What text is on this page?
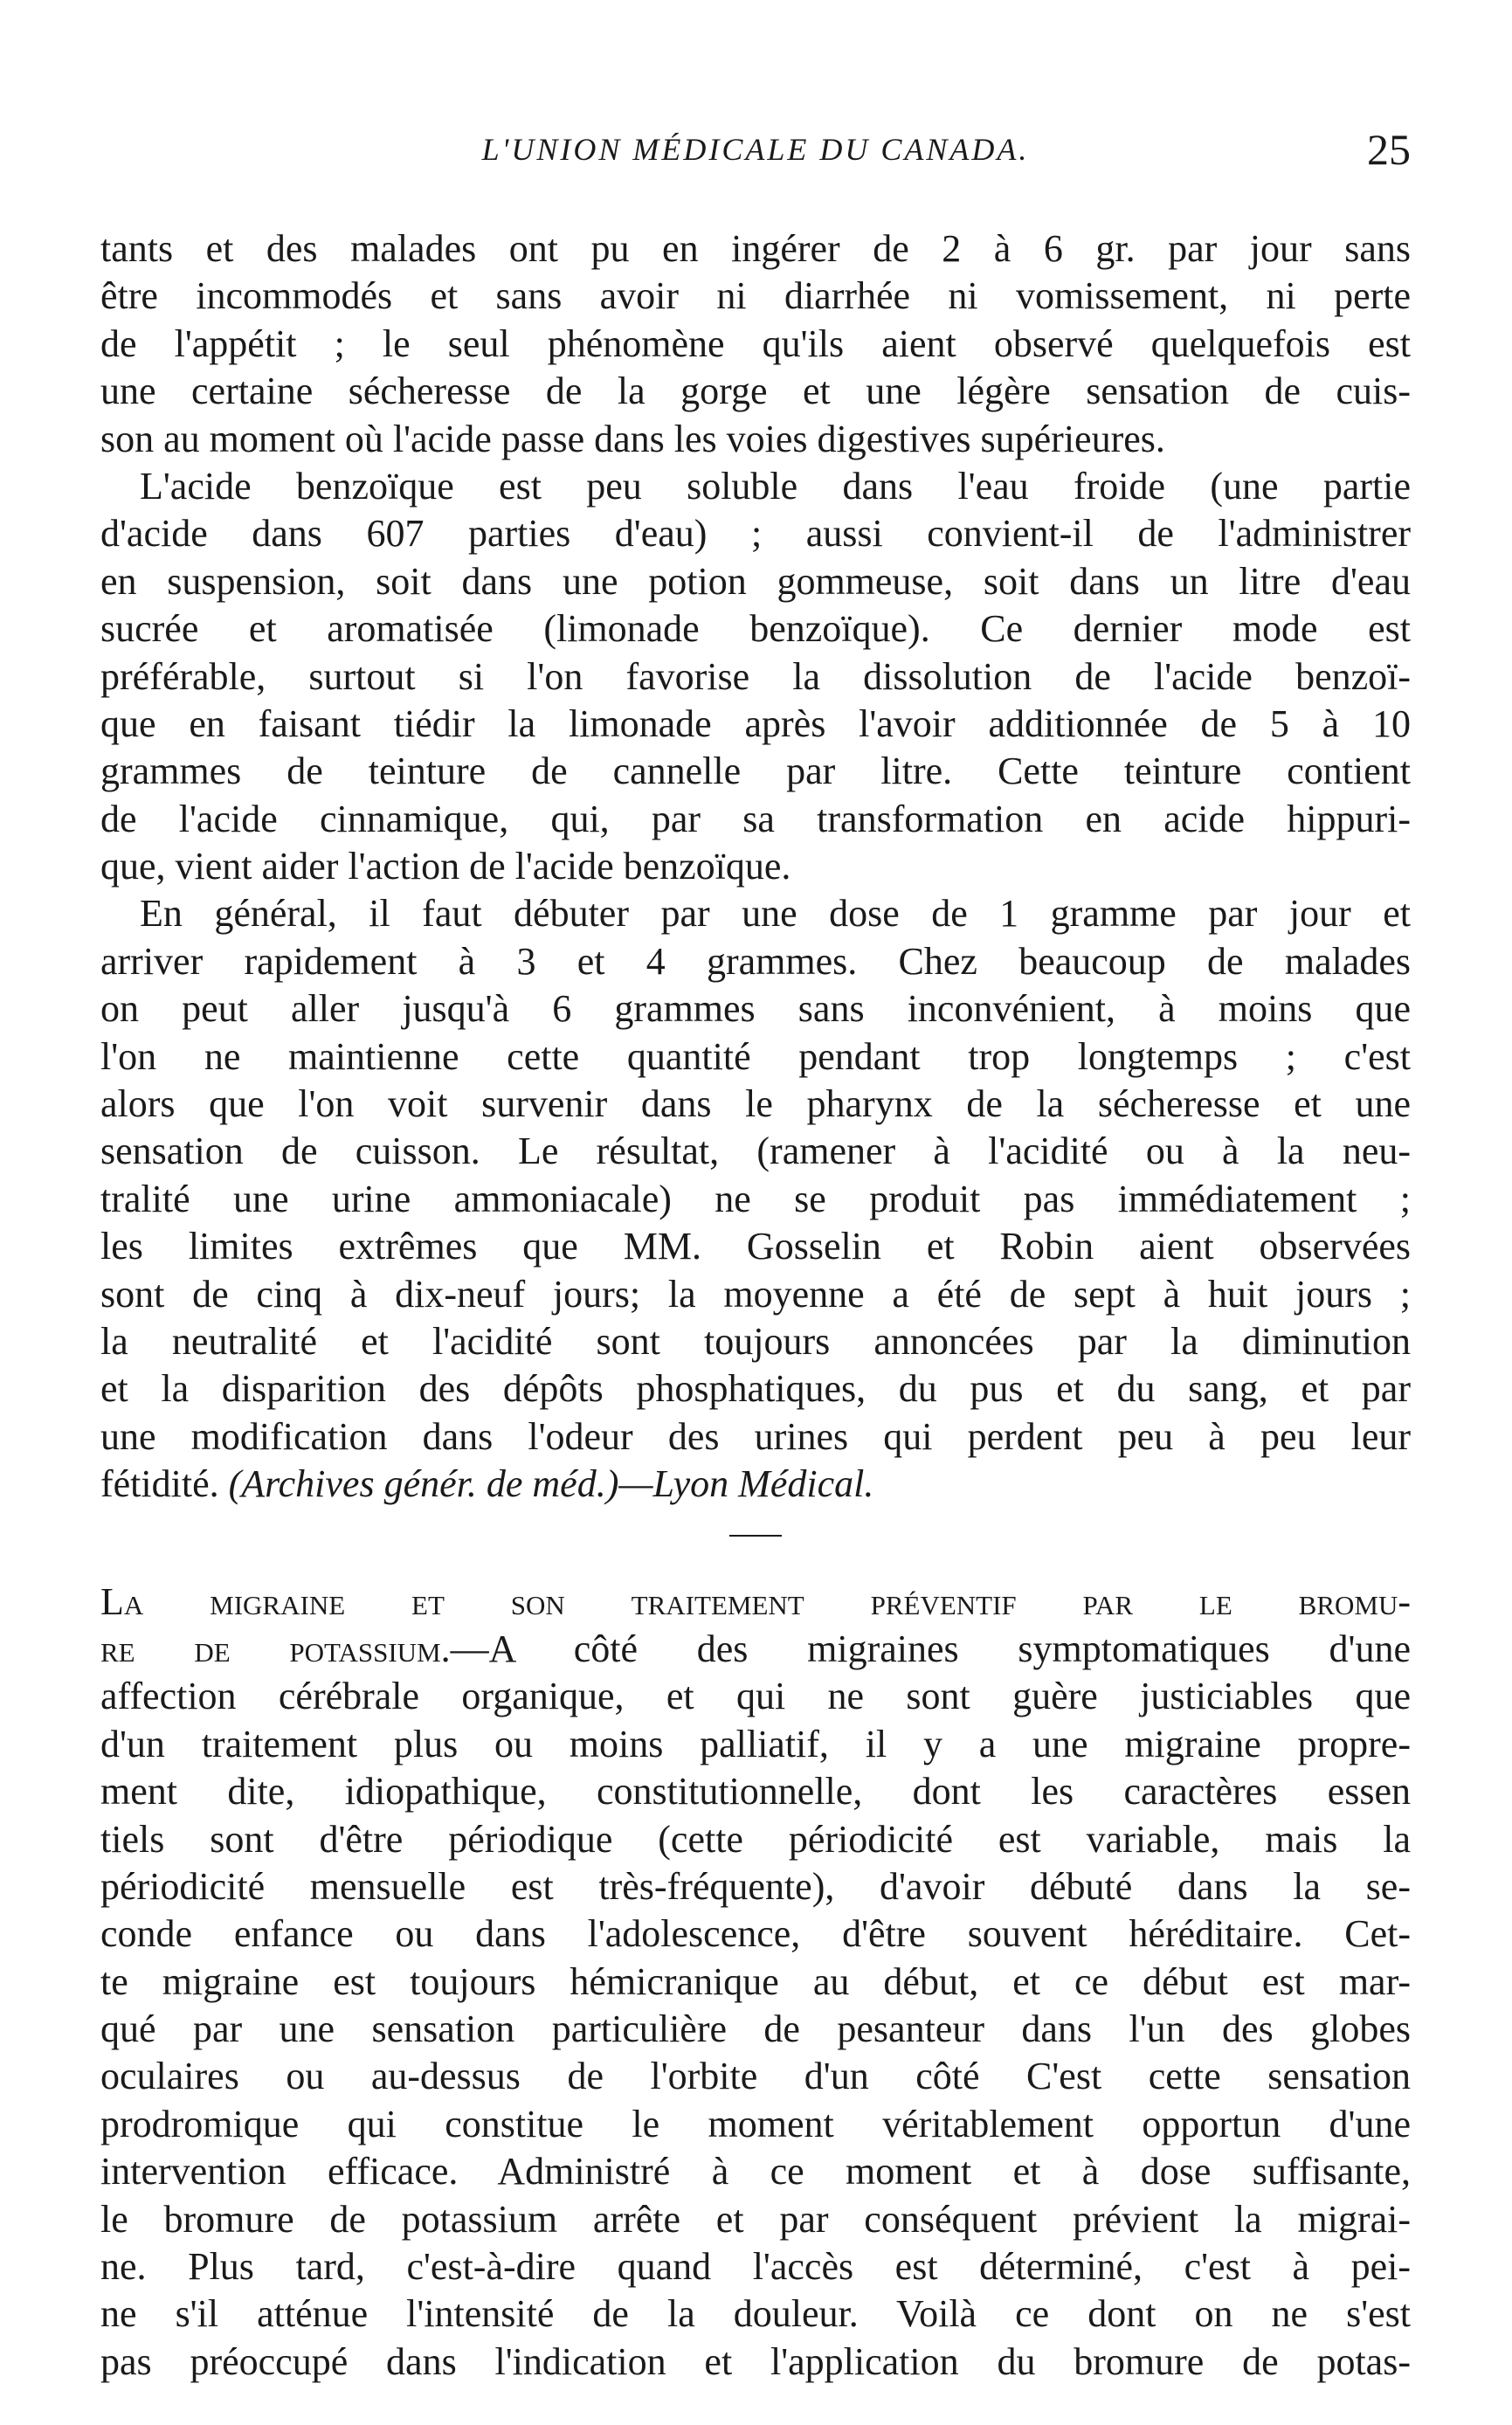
L'UNION MÉDICALE DU CANADA.	25
tants et des malades ont pu en ingérer de 2 à 6 gr. par jour sans
être incommodés et sans avoir ni diarrhée ni vomissement, ni perte
de l'appétit ; le seul phénomène qu'ils aient observé quelquefois est
une certaine sécheresse de la gorge et une légère sensation de cuis-
son au moment où l'acide passe dans les voies digestives supérieures.
L'acide benzoïque est peu soluble dans l'eau froide (une partie
d'acide dans 607 parties d'eau) ; aussi convient-il de l'administrer
en suspension, soit dans une potion gommeuse, soit dans un litre d'eau
sucrée et aromatisée (limonade benzoïque). Ce dernier mode est
préférable, surtout si l'on favorise la dissolution de l'acide benzoï-
que en faisant tiédir la limonade après l'avoir additionnée de 5 à 10
grammes de teinture de cannelle par litre. Cette teinture contient
de l'acide cinnamique, qui, par sa transformation en acide hippuri-
que, vient aider l'action de l'acide benzoïque.
En général, il faut débuter par une dose de 1 gramme par jour et
arriver rapidement à 3 et 4 grammes. Chez beaucoup de malades
on peut aller jusqu'à 6 grammes sans inconvénient, à moins que
l'on ne maintienne cette quantité pendant trop longtemps ; c'est
alors que l'on voit survenir dans le pharynx de la sécheresse et une
sensation de cuisson. Le résultat, (ramener à l'acidité ou à la neu-
tralité une urine ammoniacale) ne se produit pas immédiatement ;
les limites extrêmes que MM. Gosselin et Robin aient observées
sont de cinq à dix-neuf jours; la moyenne a été de sept à huit jours ;
la neutralité et l'acidité sont toujours annoncées par la diminution
et la disparition des dépôts phosphatiques, du pus et du sang, et par
une modification dans l'odeur des urines qui perdent peu à peu leur
fétidité. (Archives génér. de méd.)—Lyon Médical.
La migraine et son traitement préventif par le bromu-
re de potassium.—A côté des migraines symptomatiques d'une
affection cérébrale organique, et qui ne sont guère justiciables que
d'un traitement plus ou moins palliatif, il y a une migraine propre-
ment dite, idiopathique, constitutionnelle, dont les caractères essen
tiels sont d'être périodique (cette périodicité est variable, mais la
périodicité mensuelle est très-fréquente), d'avoir débuté dans la se-
conde enfance ou dans l'adolescence, d'être souvent héréditaire. Cet-
te migraine est toujours hémicranique au début, et ce début est mar-
qué par une sensation particulière de pesanteur dans l'un des globes
oculaires ou au-dessus de l'orbite d'un côté C'est cette sensation
prodromique qui constitue le moment véritablement opportun d'une
intervention efficace. Administré à ce moment et à dose suffisante,
le bromure de potassium arrête et par conséquent prévient la migrai-
ne. Plus tard, c'est-à-dire quand l'accès est déterminé, c'est à pei-
ne s'il atténue l'intensité de la douleur. Voilà ce dont on ne s'est
pas préoccupé dans l'indication et l'application du bromure de potas-
